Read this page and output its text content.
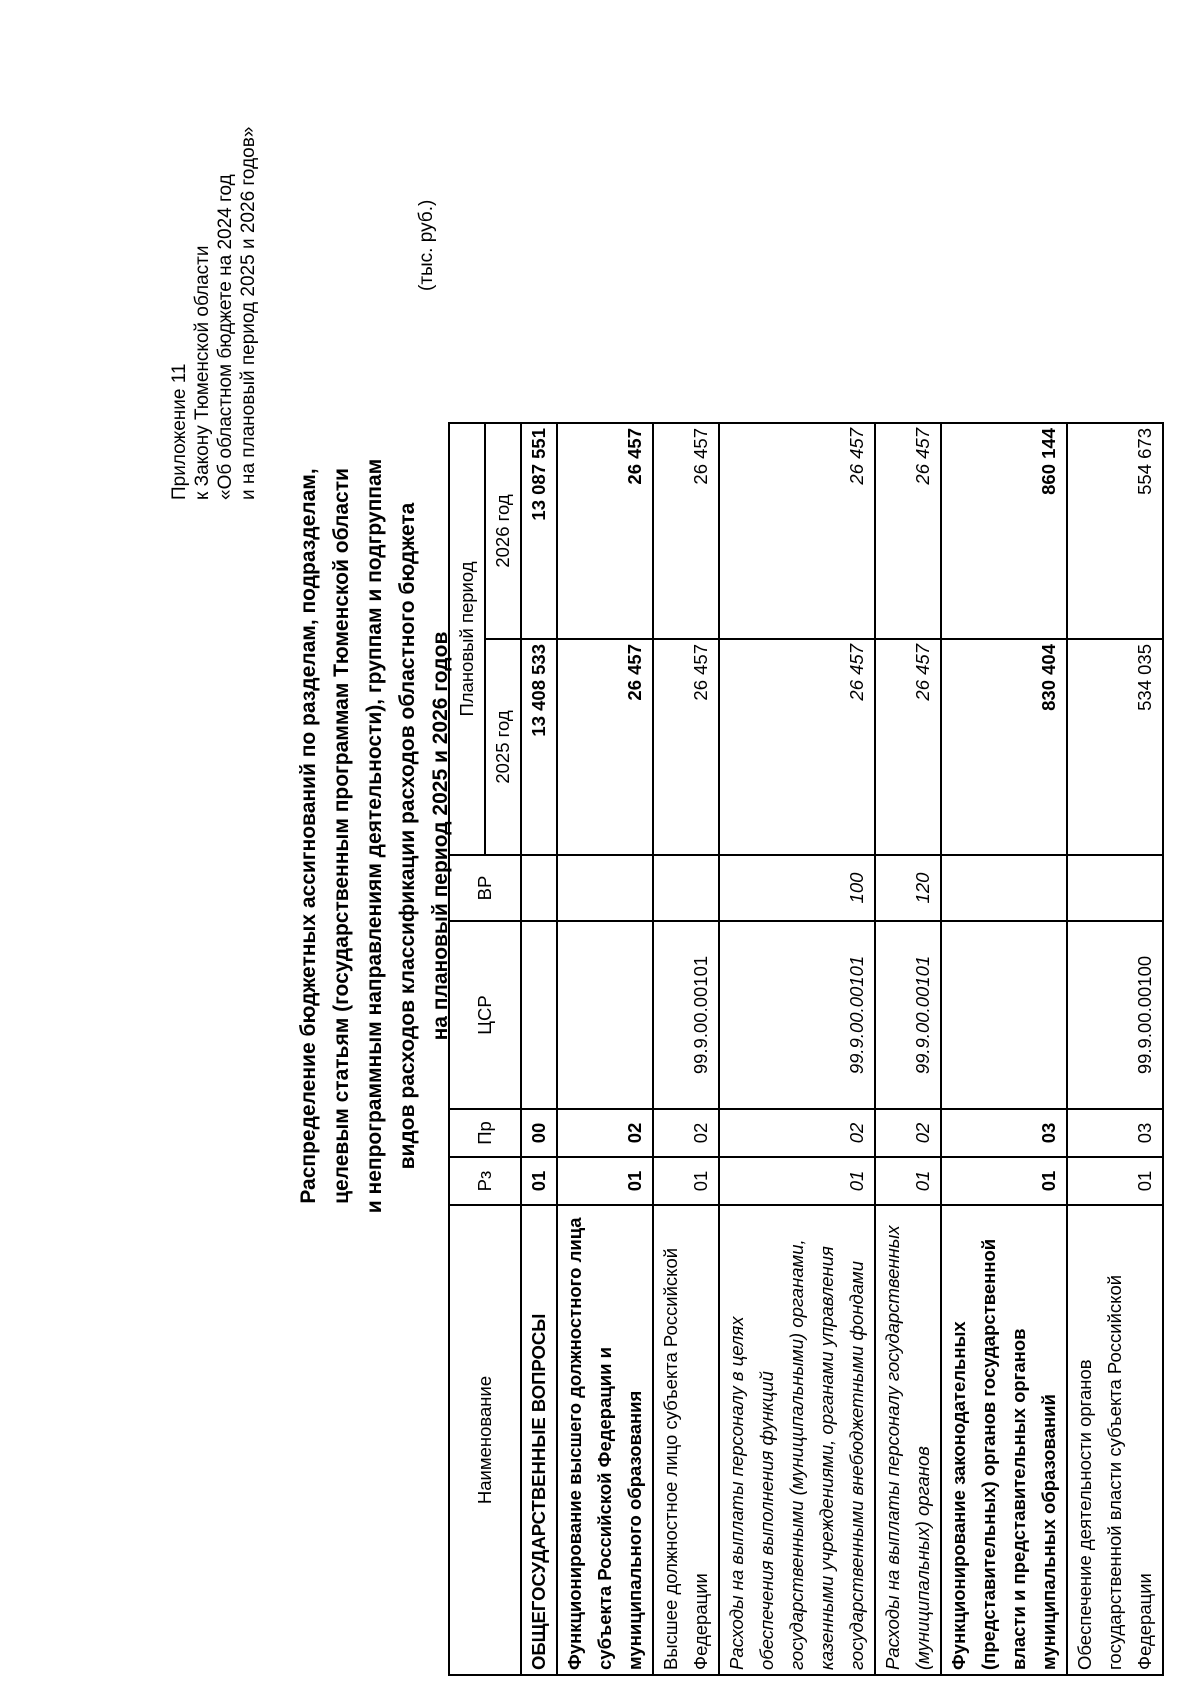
Приложение 11 к Закону Тюменской области «Об областном бюджете на 2024 год и на плановый период 2025 и 2026 годов»
Распределение бюджетных ассигнований по разделам, подразделам, целевым статьям (государственным программам Тюменской области и непрограммным направлениям деятельности), группам и подгруппам видов расходов классификации расходов областного бюджета на плановый период 2025 и 2026 годов
(тыс. руб.)
Наименование	Рз	Пр	ЦСР	ВР	Плановый период	
					2025 год	2026 год
ОБЩЕГОСУДАРСТВЕННЫЕ ВОПРОСЫ	01	00			13 408 533	13 087 551
Функционирование высшего должностного лица субъекта Российской Федерации и муниципального образования	01	02			26 457	26 457
Высшее должностное лицо субъекта Российской Федерации	01	02	99.9.00.00101		26 457	26 457
Расходы на выплаты персоналу в целях обеспечения выполнения функций государственными (муниципальными) органами, казенными учреждениями, органами управления государственными внебюджетными фондами	01	02	99.9.00.00101	100	26 457	26 457
Расходы на выплаты персоналу государственных (муниципальных) органов	01	02	99.9.00.00101	120	26 457	26 457
Функционирование законодательных (представительных) органов государственной власти и представительных органов муниципальных образований	01	03			830 404	860 144
Обеспечение деятельности органов государственной власти субъекта Российской Федерации	01	03	99.9.00.00100		534 035	554 673
